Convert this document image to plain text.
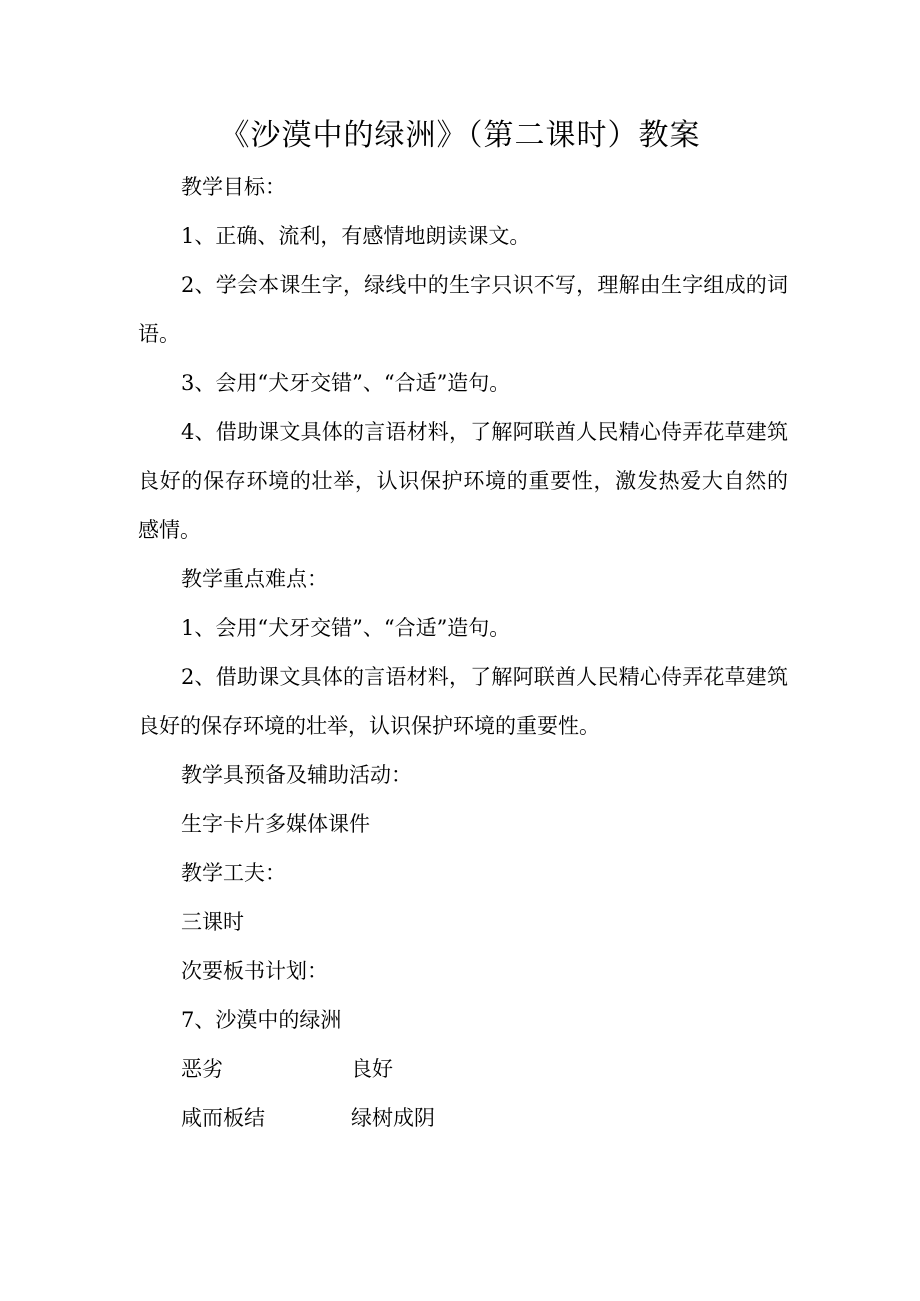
《沙漠中的绿洲》（第二课时）教案

教学目标：

1、正确、流利，有感情地朗读课文。

2、学会本课生字，绿线中的生字只识不写，理解由生字组成的词语。

3、会用“犬牙交错”、“合适”造句。

4、借助课文具体的言语材料，了解阿联酋人民精心侍弄花草建筑良好的保存环境的壮举，认识保护环境的重要性，激发热爱大自然的感情。

教学重点难点：

1、会用“犬牙交错”、“合适”造句。

2、借助课文具体的言语材料，了解阿联酋人民精心侍弄花草建筑良好的保存环境的壮举，认识保护环境的重要性。

教学具预备及辅助活动：

生字卡片多媒体课件

教学工夫：

三课时

次要板书计划：

7、沙漠中的绿洲

恶劣	良好
咸而板结	绿树成阴
